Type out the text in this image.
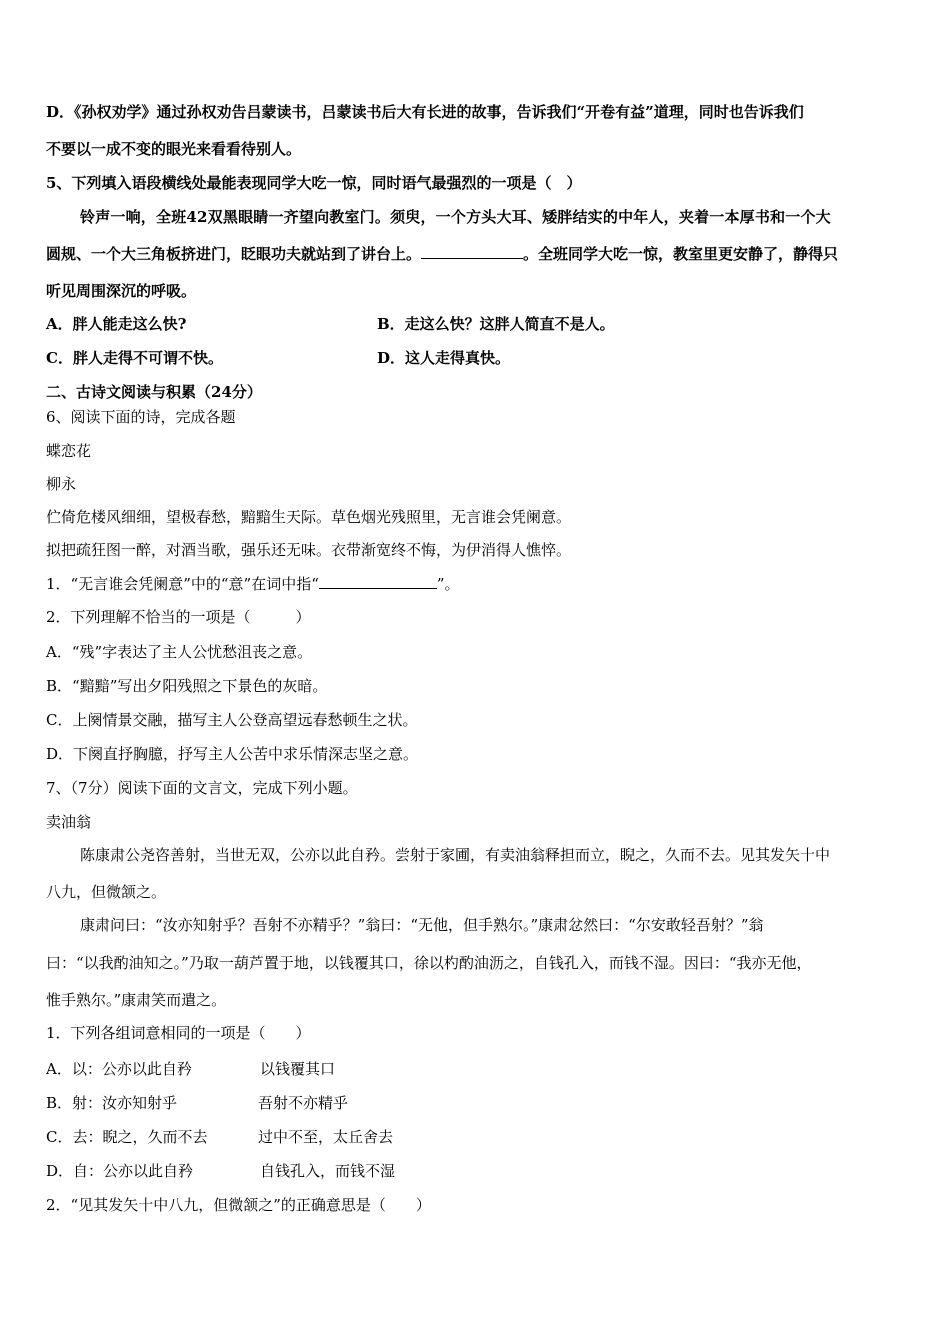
D．《孙权劝学》通过孙权劝告吕蒙读书，吕蒙读书后大有长进的故事，告诉我们“开卷有益”道理，同时也告诉我们
不要以一成不变的眼光来看看待别人。
5、下列填入语段横线处最能表现同学大吃一惊，同时语气最强烈的一项是（　）
铃声一响，全班42双黑眼睛一齐望向教室门。须臾，一个方头大耳、矮胖结实的中年人，夹着一本厚书和一个大
圆规、一个大三角板挤进门，眨眼功夫就站到了讲台上。	。全班同学大吃一惊，教室里更安静了，静得只
听见周围深沉的呼吸。
A．胖人能走这么快?	B．走这么快？这胖人简直不是人。
C．胖人走得不可谓不快。	D．这人走得真快。
二、古诗文阅读与积累（24分）
6、阅读下面的诗，完成各题
蝶恋花
柳永
伫倚危楼风细细，望极春愁，黯黯生天际。草色烟光残照里，无言谁会凭阑意。
拟把疏狂图一醉，对酒当歌，强乐还无味。衣带渐宽终不悔，为伊消得人憔悴。
1．“无言谁会凭阑意”中的“意”在词中指“	”。
2．下列理解不恰当的一项是（　　　）
A．“残”字表达了主人公忧愁沮丧之意。
B．“黯黯”写出夕阳残照之下景色的灰暗。
C．上阕情景交融，描写主人公登高望远春愁顿生之状。
D．下阕直抒胸臆，抒写主人公苦中求乐情深志坚之意。
7、（7分）阅读下面的文言文，完成下列小题。
卖油翁
陈康肃公尧咨善射，当世无双，公亦以此自矜。尝射于家圃，有卖油翁释担而立，睨之，久而不去。见其发矢十中
八九，但微颔之。
康肃问曰：“汝亦知射乎？吾射不亦精乎？”翁曰：“无他，但手熟尔。”康肃忿然曰：“尔安敢轻吾射？”翁
曰：“以我酌油知之。”乃取一葫芦置于地，以钱覆其口，徐以杓酌油沥之，自钱孔入，而钱不湿。因曰：“我亦无他，
惟手熟尔。”康肃笑而遣之。
1．下列各组词意相同的一项是（　　）
A．以：公亦以此自矜	以钱覆其口
B．射：汝亦知射乎	吾射不亦精乎
C．去：睨之，久而不去	过中不至，太丘舍去
D．自：公亦以此自矜	自钱孔入，而钱不湿
2．“见其发矢十中八九，但微颔之”的正确意思是（　　）
